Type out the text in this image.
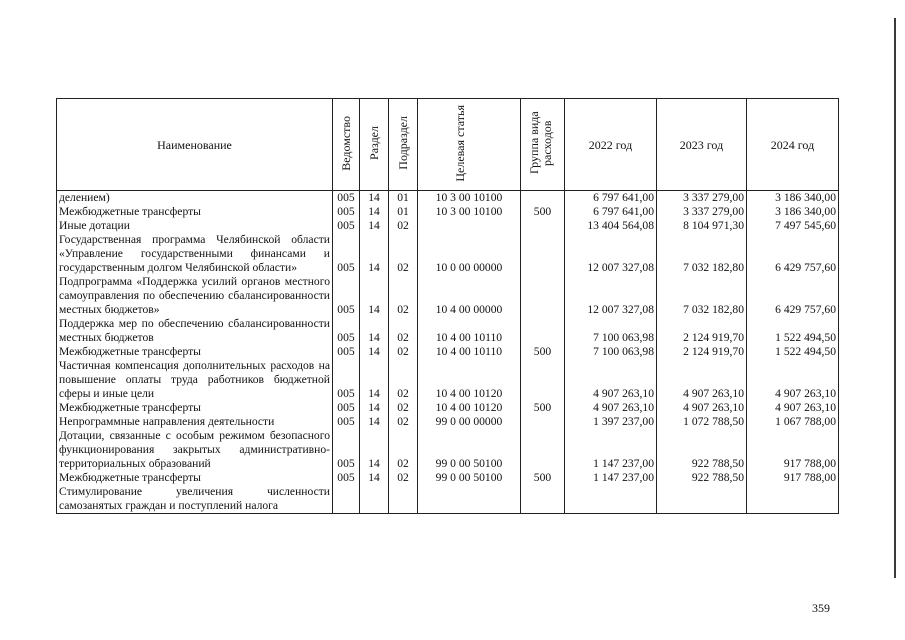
Наименование	Ведомство	Раздел	Подраздел	Целевая статья	Группа вида расходов	2022 год	2023 год	2024 год
делением)	005	14	01	10 3 00 10100		6 797 641,00	3 337 279,00	3 186 340,00
Межбюджетные трансферты	005	14	01	10 3 00 10100	500	6 797 641,00	3 337 279,00	3 186 340,00
Иные дотации	005	14	02			13 404 564,08	8 104 971,30	7 497 545,60
Государственная программа Челябинской области «Управление государственными финансами и государственным долгом Челябинской области»	005	14	02	10 0 00 00000		12 007 327,08	7 032 182,80	6 429 757,60
Подпрограмма «Поддержка усилий органов местного самоуправления по обеспечению сбалансированности местных бюджетов»	005	14	02	10 4 00 00000		12 007 327,08	7 032 182,80	6 429 757,60
Поддержка мер по обеспечению сбалансированности местных бюджетов	005	14	02	10 4 00 10110		7 100 063,98	2 124 919,70	1 522 494,50
Межбюджетные трансферты	005	14	02	10 4 00 10110	500	7 100 063,98	2 124 919,70	1 522 494,50
Частичная компенсация дополнительных расходов на повышение оплаты труда работников бюджетной сферы и иные цели	005	14	02	10 4 00 10120		4 907 263,10	4 907 263,10	4 907 263,10
Межбюджетные трансферты	005	14	02	10 4 00 10120	500	4 907 263,10	4 907 263,10	4 907 263,10
Непрограммные направления деятельности	005	14	02	99 0 00 00000		1 397 237,00	1 072 788,50	1 067 788,00
Дотации, связанные с особым режимом безопасного функционирования закрытых административно-территориальных образований	005	14	02	99 0 00 50100		1 147 237,00	922 788,50	917 788,00
Межбюджетные трансферты	005	14	02	99 0 00 50100	500	1 147 237,00	922 788,50	917 788,00
Стимулирование увеличения численности самозанятых граждан и поступлений налога								
359
